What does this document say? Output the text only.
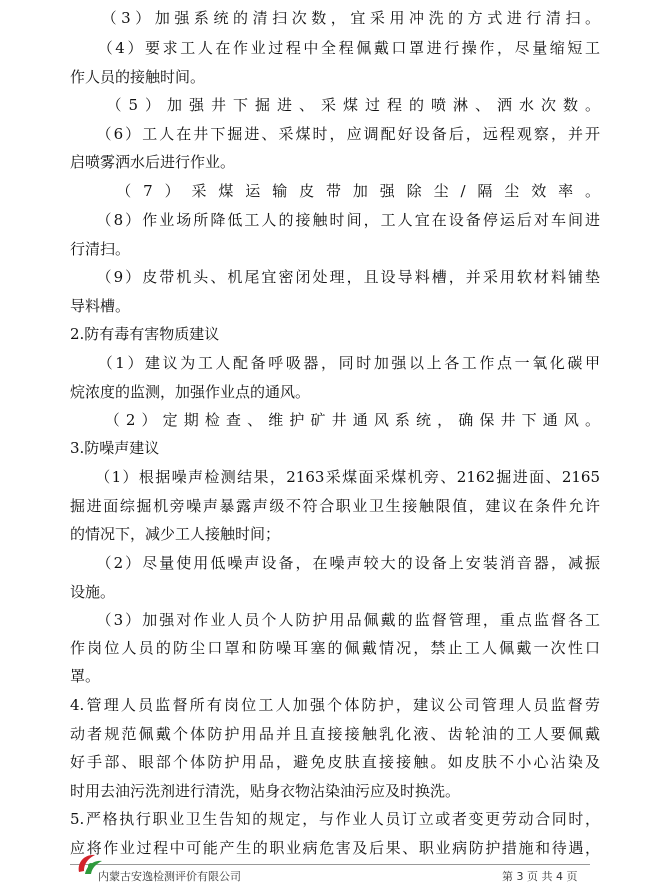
　　（3）加强系统的清扫次数，宜采用冲洗的方式进行清扫。
　　（4）要求工人在作业过程中全程佩戴口罩进行操作，尽量缩短工
作人员的接触时间。
　　（5）加强井下掘进、采煤过程的喷淋、洒水次数。
　　（6）工人在井下掘进、采煤时，应调配好设备后，远程观察，并开
启喷雾洒水后进行作业。
　　（7）采煤运输皮带加强除尘/隔尘效率。
　　（8）作业场所降低工人的接触时间，工人宜在设备停运后对车间进
行清扫。
　　（9）皮带机头、机尾宜密闭处理，且设导料槽，并采用软材料铺垫
导料槽。
2.防有毒有害物质建议
　　（1）建议为工人配备呼吸器，同时加强以上各工作点一氧化碳甲
烷浓度的监测，加强作业点的通风。
　　（2）定期检查、维护矿井通风系统，确保井下通风。
3.防噪声建议
　　（1）根据噪声检测结果，2163采煤面采煤机旁、2162掘进面、2165
掘进面综掘机旁噪声暴露声级不符合职业卫生接触限值，建议在条件允许
的情况下，减少工人接触时间；
　　（2）尽量使用低噪声设备，在噪声较大的设备上安装消音器，减振
设施。
　　（3）加强对作业人员个人防护用品佩戴的监督管理，重点监督各工
作岗位人员的防尘口罩和防噪耳塞的佩戴情况，禁止工人佩戴一次性口
罩。
4.管理人员监督所有岗位工人加强个体防护，建议公司管理人员监督劳
动者规范佩戴个体防护用品并且直接接触乳化液、齿轮油的工人要佩戴
好手部、眼部个体防护用品，避免皮肤直接接触。如皮肤不小心沾染及
时用去油污洗剂进行清洗，贴身衣物沾染油污应及时换洗。
5.严格执行职业卫生告知的规定，与作业人员订立或者变更劳动合同时，
应将作业过程中可能产生的职业病危害及后果、职业病防护措施和待遇，
内蒙古安逸检测评价有限公司	第 3 页 共 4 页
